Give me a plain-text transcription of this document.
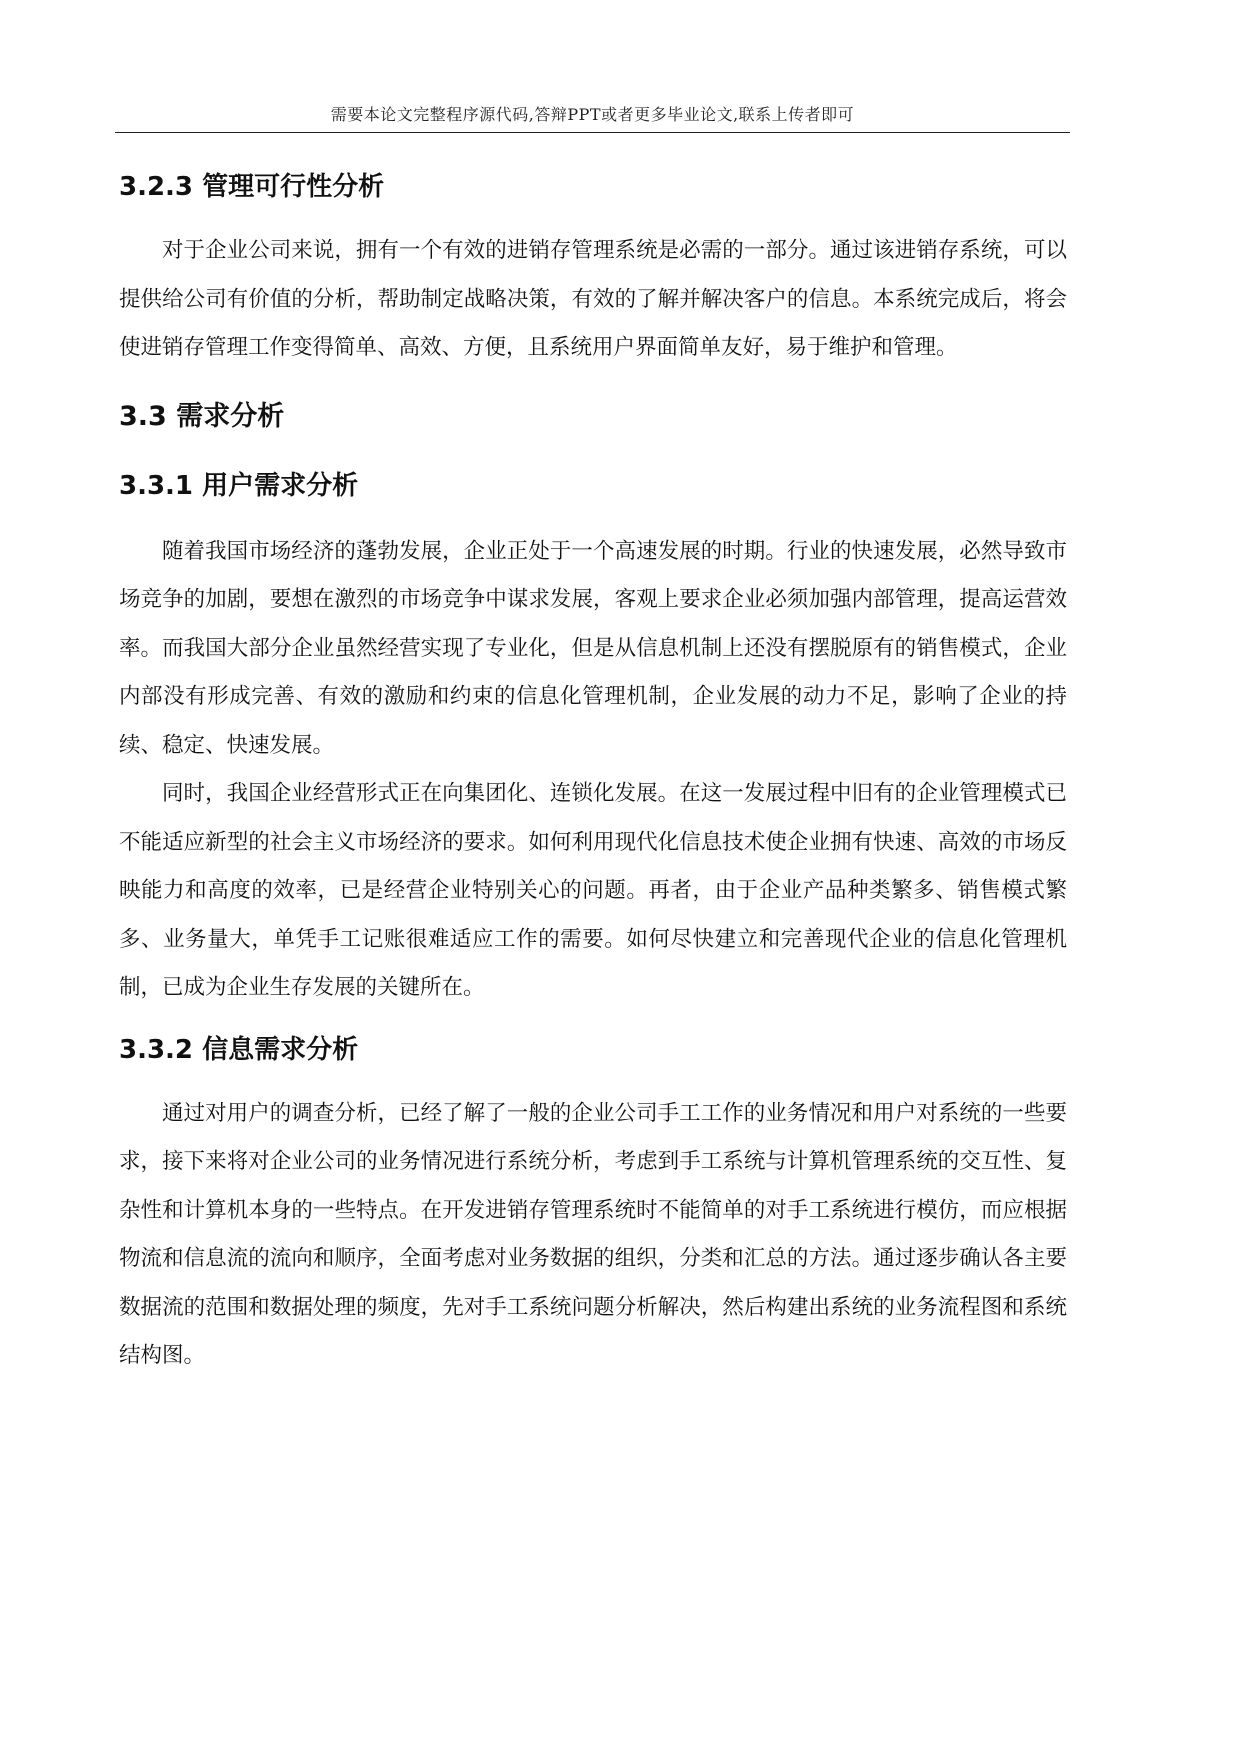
需要本论文完整程序源代码,答辩PPT或者更多毕业论文,联系上传者即可
3.2.3 管理可行性分析

对于企业公司来说，拥有一个有效的进销存管理系统是必需的一部分。通过该进销存系统，可以提供给公司有价值的分析，帮助制定战略决策，有效的了解并解决客户的信息。本系统完成后，将会使进销存管理工作变得简单、高效、方便，且系统用户界面简单友好，易于维护和管理。

3.3 需求分析
3.3.1 用户需求分析

随着我国市场经济的蓬勃发展，企业正处于一个高速发展的时期。行业的快速发展，必然导致市场竞争的加剧，要想在激烈的市场竞争中谋求发展，客观上要求企业必须加强内部管理，提高运营效率。而我国大部分企业虽然经营实现了专业化，但是从信息机制上还没有摆脱原有的销售模式，企业内部没有形成完善、有效的激励和约束的信息化管理机制，企业发展的动力不足，影响了企业的持续、稳定、快速发展。

同时，我国企业经营形式正在向集团化、连锁化发展。在这一发展过程中旧有的企业管理模式已不能适应新型的社会主义市场经济的要求。如何利用现代化信息技术使企业拥有快速、高效的市场反映能力和高度的效率，已是经营企业特别关心的问题。再者，由于企业产品种类繁多、销售模式繁多、业务量大，单凭手工记账很难适应工作的需要。如何尽快建立和完善现代企业的信息化管理机制，已成为企业生存发展的关键所在。

3.3.2 信息需求分析

通过对用户的调查分析，已经了解了一般的企业公司手工工作的业务情况和用户对系统的一些要求，接下来将对企业公司的业务情况进行系统分析，考虑到手工系统与计算机管理系统的交互性、复杂性和计算机本身的一些特点。在开发进销存管理系统时不能简单的对手工系统进行模仿，而应根据物流和信息流的流向和顺序，全面考虑对业务数据的组织，分类和汇总的方法。通过逐步确认各主要数据流的范围和数据处理的频度，先对手工系统问题分析解决，然后构建出系统的业务流程图和系统结构图。
